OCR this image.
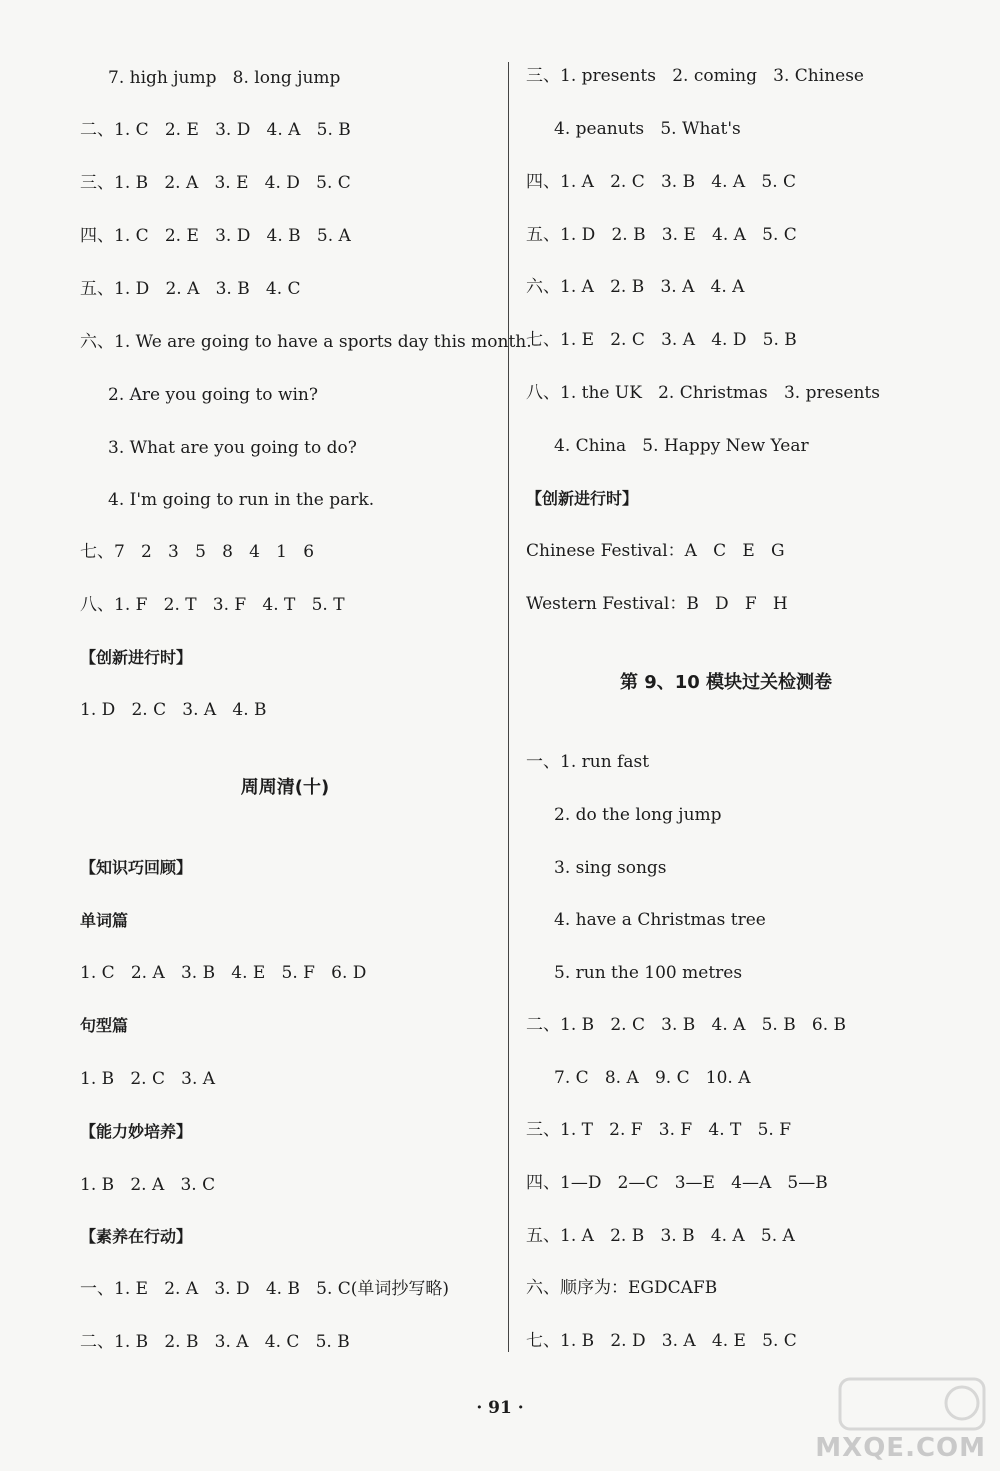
7. high jump   8. long jump
二、1. C   2. E   3. D   4. A   5. B
三、1. B   2. A   3. E   4. D   5. C
四、1. C   2. E   3. D   4. B   5. A
五、1. D   2. A   3. B   4. C
六、1. We are going to have a sports day this month.
2. Are you going to win?
3. What are you going to do?
4. I'm going to run in the park.
七、7   2   3   5   8   4   1   6
八、1. F   2. T   3. F   4. T   5. T
【创新进行时】
1. D   2. C   3. A   4. B
周周清(十)
【知识巧回顾】
单词篇
1. C   2. A   3. B   4. E   5. F   6. D
句型篇
1. B   2. C   3. A
【能力妙培养】
1. B   2. A   3. C
【素养在行动】
一、1. E   2. A   3. D   4. B   5. C(单词抄写略)
二、1. B   2. B   3. A   4. C   5. B
三、1. presents   2. coming   3. Chinese
4. peanuts   5. What's
四、1. A   2. C   3. B   4. A   5. C
五、1. D   2. B   3. E   4. A   5. C
六、1. A   2. B   3. A   4. A
七、1. E   2. C   3. A   4. D   5. B
八、1. the UK   2. Christmas   3. presents
4. China   5. Happy New Year
【创新进行时】
Chinese Festival：A   C   E   G
Western Festival：B   D   F   H
第 9、10 模块过关检测卷
一、1. run fast
2. do the long jump
3. sing songs
4. have a Christmas tree
5. run the 100 metres
二、1. B   2. C   3. B   4. A   5. B   6. B
7. C   8. A   9. C   10. A
三、1. T   2. F   3. F   4. T   5. F
四、1—D   2—C   3—E   4—A   5—B
五、1. A   2. B   3. B   4. A   5. A
六、顺序为：EGDCAFB
七、1. B   2. D   3. A   4. E   5. C
· 91 ·
MXQE.COM
